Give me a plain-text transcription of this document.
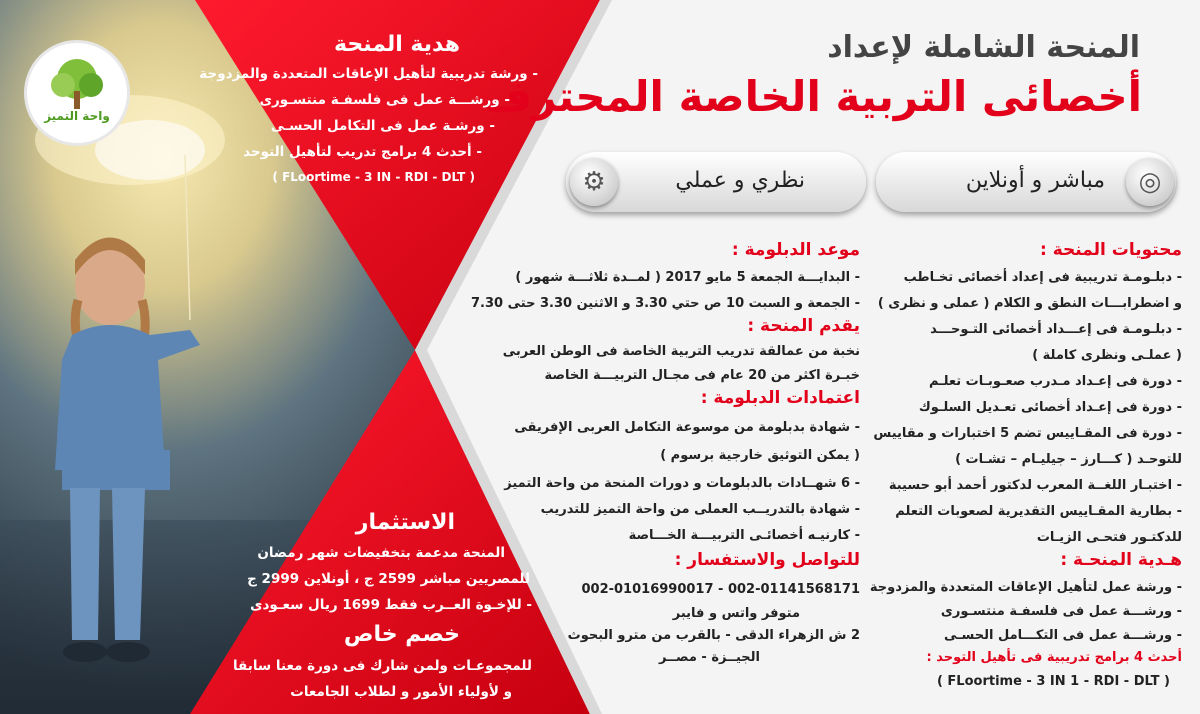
واحة التميز
المنحة الشاملة لإعداد
أخصائى التربية الخاصة المحترف
مباشر و أونلاين	◎
نظري و عملي
⚙
هدية المنحة
- ورشة تدريبية لتأهيل الإعاقات المتعددة والمزدوجة
- ورشـــة عمل فى فلسفـة منتسـورى
- ورشـة عمل فى التكامل الحسـى
- أحدث 4 برامج تدريب لتأهيل التوحد
( FLoortime - 3 IN - RDI - DLT )
الاستثمار
المنحة مدعمة بتخفيضات شهر رمضان
للمصريين مباشر 2599 ج ، أونلاين 2999 ج
- للإخـوة العــرب فقط 1699 ريال سعـودى
خصم خاص
للمجموعـات ولمن شارك فى دورة معنا سابقا
و لأولياء الأمور و لطلاب الجامعات
موعد الدبلومة :
- البدايـــة الجمعة 5 مايو 2017 ( لمــدة ثلاثـــة شهور )
- الجمعة و السبت 10 ص حتي 3.30 و الاثنين 3.30 حتى 7.30
يقدم المنحة :
نخبة من عمالقة تدريب التربية الخاصة فى الوطن العربى
خبـرة اكثر من 20 عام فى مجـال التربيـــة الخاصة
اعتمادات الدبلومة :
- شهادة بدبلومة من موسوعة التكامل العربى الإفريقى
( يمكن التوثيق خارجية برسوم )
- 6 شهــادات بالدبلومات و دورات المنحة من واحة التميز
- شهادة بالتدريــب العملى من واحة التميز للتدريب
- كارنيـه أخصائـى التربيـــة الخـــاصة
للتواصل والاستفسار :
002-01016990017 - 002-01141568171
متوفر واتس و فايبر
2 ش الزهراء الدقى - بالقرب من مترو البحوث
الجيــزة - مصــر
محتويات المنحة :
- دبلـومـة تدريبية فى إعداد أخصائى تخـاطب
و اضطرابـــات النطق و الكلام ( عملى و نظرى )
- دبلـومـة فى إعـــداد أخصائى التـوحـــد
( عملـى ونظرى كاملة )
- دورة فى إعـداد مـدرب صعـوبـات تعلـم
- دورة فى إعـداد أخصائى تعـديل السلـوك
- دورة فى المقـاييس تضم 5 اختبارات و مقاييس
للتوحـد ( كـــارز – جيليـام – تشـات )
- اختبـار اللغــة المعرب لدكتور أحمد أبو حسيبة
- بطارية المقـاييس التقديرية لصعوبات التعلم
للدكتـور فتحـى الزيـات
هـدية المنحـة :
- ورشة عمل لتأهيل الإعاقات المتعددة والمزدوجة
- ورشـــة عمل فى فلسفـة منتسـورى
- ورشـــة عمل فى التكـــامل الحسـى
أحدث 4 برامج تدريبية فى تأهيل التوحد :
( FLoortime - 3 IN 1 - RDI - DLT )
